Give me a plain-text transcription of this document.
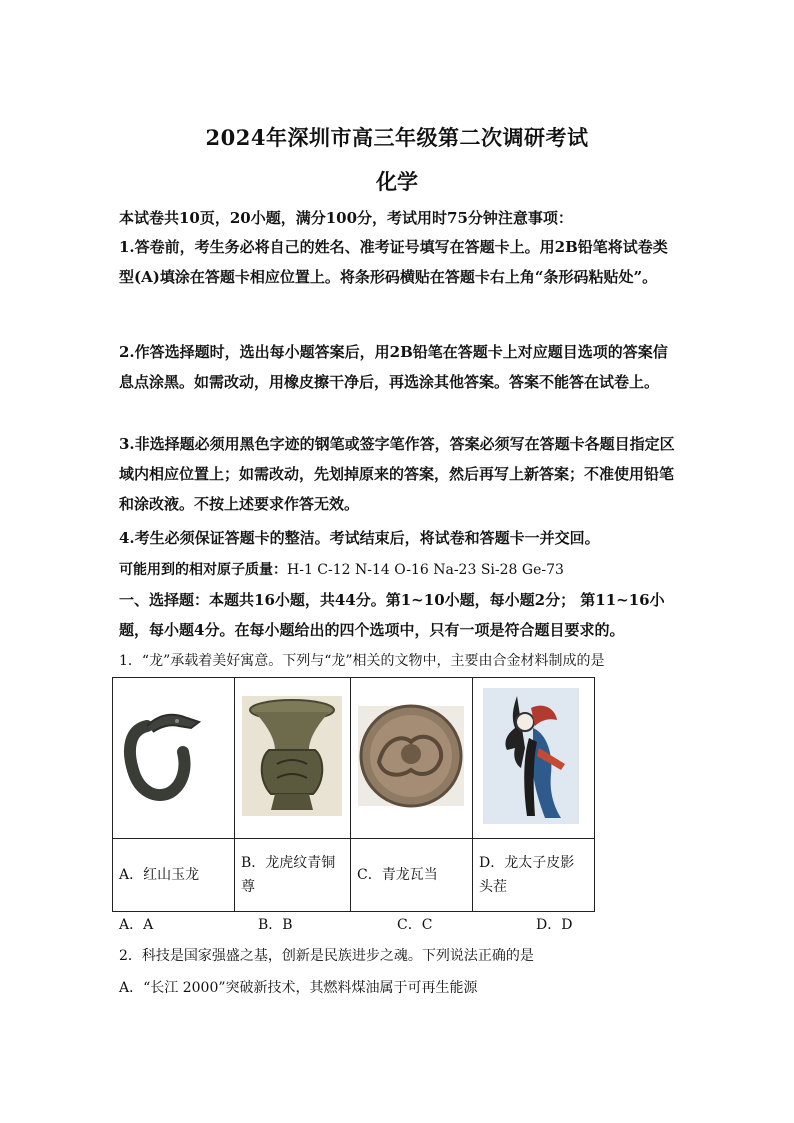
2024年深圳市高三年级第二次调研考试
化学
本试卷共10页，20小题，满分100分，考试用时75分钟注意事项：
1.答卷前，考生务必将自己的姓名、准考证号填写在答题卡上。用2B铅笔将试卷类型(A)填涂在答题卡相应位置上。将条形码横贴在答题卡右上角“条形码粘贴处”。
2.作答选择题时，选出每小题答案后，用2B铅笔在答题卡上对应题目选项的答案信息点涂黑。如需改动，用橡皮擦干净后，再选涂其他答案。答案不能答在试卷上。
3.非选择题必须用黑色字迹的钢笔或签字笔作答，答案必须写在答题卡各题目指定区域内相应位置上；如需改动，先划掉原来的答案，然后再写上新答案；不准使用铅笔和涂改液。不按上述要求作答无效。
4.考生必须保证答题卡的整洁。考试结束后，将试卷和答题卡一并交回。
可能用到的相对原子质量：H-1 C-12 N-14 O-16 Na-23 Si-28 Ge-73
一、选择题：本题共16小题，共44分。第1~10小题，每小题2分； 第11~16小题，每小题4分。在每小题给出的四个选项中，只有一项是符合题目要求的。
1．“龙”承载着美好寓意。下列与“龙”相关的文物中，主要由合金材料制成的是

A．红山玉龙	B．龙虎纹青铜尊	C．青龙瓦当	D．龙太子皮影头茬
A．A	B．B	C．C	D．D
2．科技是国家强盛之基，创新是民族进步之魂。下列说法正确的是
A．“长江 2000”突破新技术，其燃料煤油属于可再生能源
